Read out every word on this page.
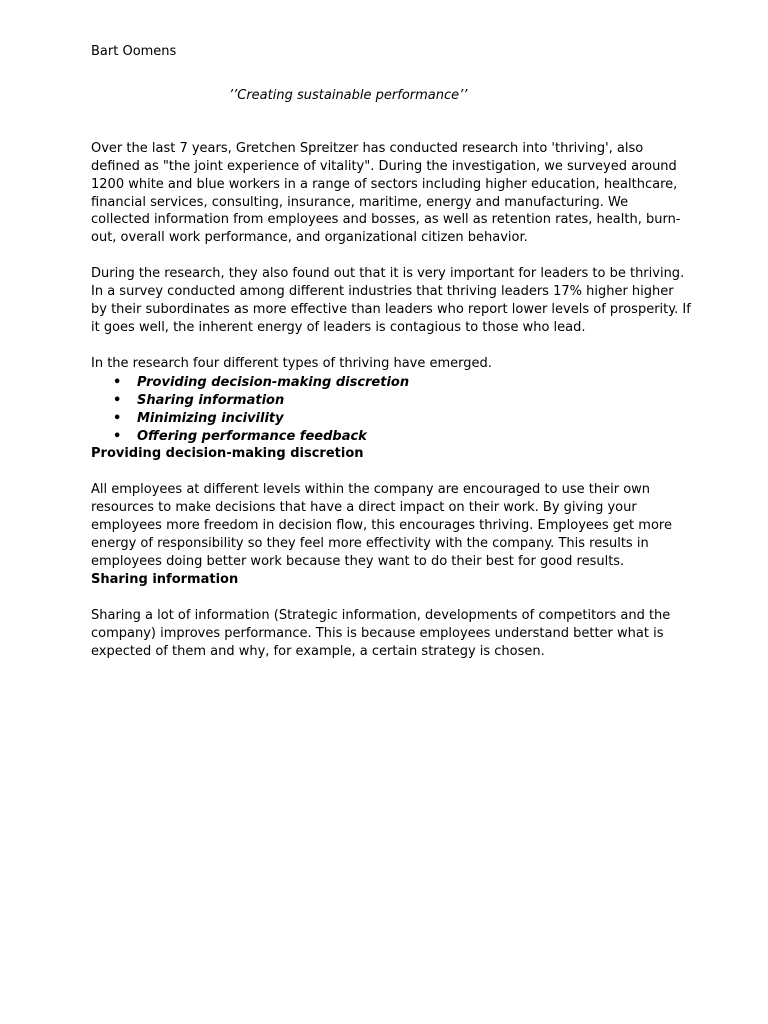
Bart Oomens

’’Creating sustainable performance’’

Over the last 7 years, Gretchen Spreitzer has conducted research into 'thriving', also defined as "the joint experience of vitality". During the investigation, we surveyed around 1200 white and blue workers in a range of sectors including higher education, healthcare, financial services, consulting, insurance, maritime, energy and manufacturing. We collected information from employees and bosses, as well as retention rates, health, burn-out, overall work performance, and organizational citizen behavior.

During the research, they also found out that it is very important for leaders to be thriving. In a survey conducted among different industries that thriving leaders 17% higher higher by their subordinates as more effective than leaders who report lower levels of prosperity. If it goes well, the inherent energy of leaders is contagious to those who lead.

In the research four different types of thriving have emerged.

• Providing decision-making discretion
• Sharing information
• Minimizing incivility
• Offering performance feedback

Providing decision-making discretion

All employees at different levels within the company are encouraged to use their own resources to make decisions that have a direct impact on their work. By giving your employees more freedom in decision flow, this encourages thriving. Employees get more energy of responsibility so they feel more effectivity with the company. This results in employees doing better work because they want to do their best for good results.

Sharing information

Sharing a lot of information (Strategic information, developments of competitors and the company) improves performance. This is because employees understand better what is expected of them and why, for example, a certain strategy is chosen.
